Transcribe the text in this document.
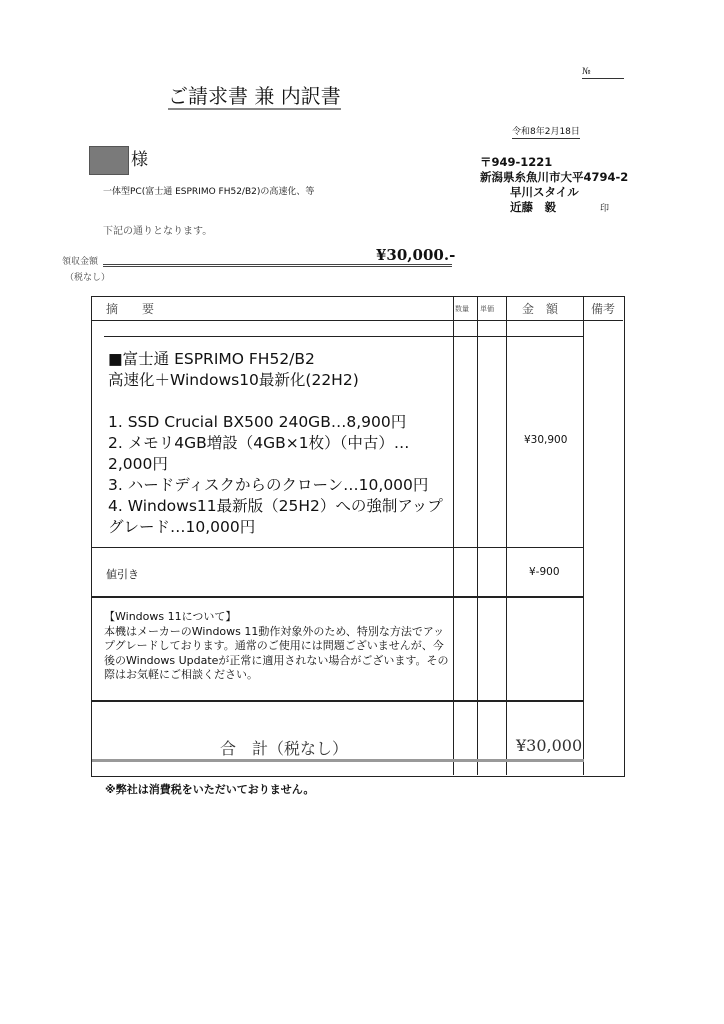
№
ご請求書 兼 内訳書
令和8年2月18日
様
一体型PC(富士通 ESPRIMO FH52/B2)の高速化、等
〒949-1221
新潟県糸魚川市大平4794-2
早川スタイル
近藤　毅	印
下記の通りとなります。
領収金額
（税なし）
¥30,000.-
摘　　要	数量 単価 金　額	備考
■富士通 ESPRIMO FH52/B2
高速化＋Windows10最新化(22H2)
1. SSD Crucial BX500 240GB…8,900円
2. メモリ4GB増設（4GB×1枚）（中古）…2,000円
3. ハードディスクからのクローン…10,000円
4. Windows11最新版（25H2）への強制アップグレード…10,000円
¥30,900
値引き	¥-900
【Windows 11について】
本機はメーカーのWindows 11動作対象外のため、特別な方法でアップグレードしております。通常のご使用には問題ございませんが、今後のWindows Updateが正常に適用されない場合がございます。その際はお気軽にご相談ください。
合　計（税なし）	¥30,000
※弊社は消費税をいただいておりません。
